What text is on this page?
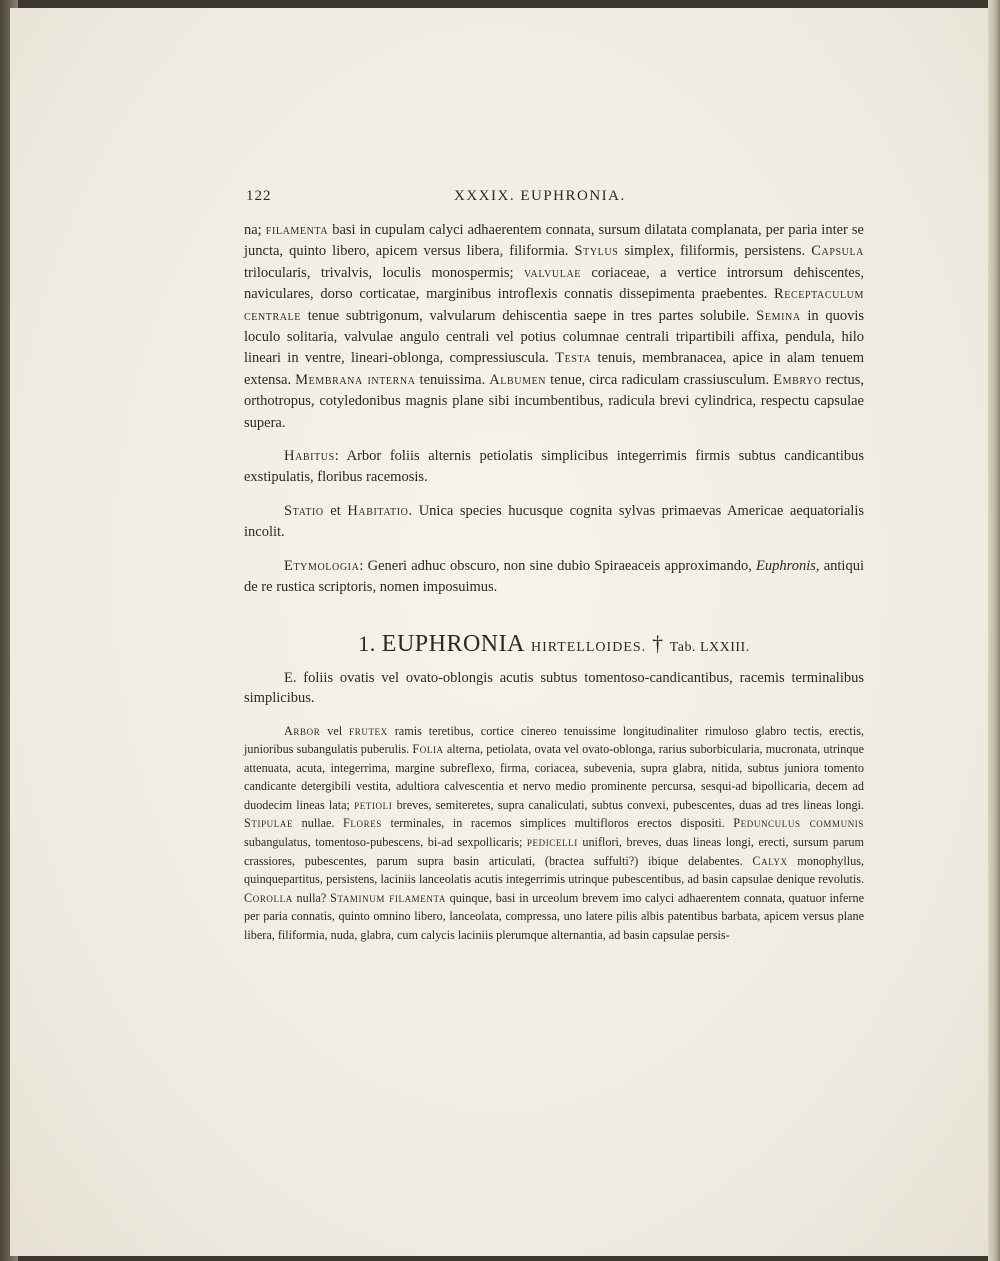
122	XXXIX. EUPHRONIA.

na; filamenta basi in cupulam calyci adhaerentem connata, sursum dilatata complanata, per paria inter se juncta, quinto libero, apicem versus libera, filiformia. Stylus simplex, filiformis, persistens. Capsula trilocularis, trivalvis, loculis monospermis; valvulae coriaceae, a vertice introrsum dehiscentes, naviculares, dorso corticatae, marginibus introflexis connatis dissepimenta praebentes. Receptaculum centrale tenue subtrigonum, valvularum dehiscentia saepe in tres partes solubile. Semina in quovis loculo solitaria, valvulae angulo centrali vel potius columnae centrali tripartibili affixa, pendula, hilo lineari in ventre, lineari-oblonga, compressiuscula. Testa tenuis, membranacea, apice in alam tenuem extensa. Membrana interna tenuissima. Albumen tenue, circa radiculam crassiusculum. Embryo rectus, orthotropus, cotyledonibus magnis plane sibi incumbentibus, radicula brevi cylindrica, respectu capsulae supera.

Habitus: Arbor foliis alternis petiolatis simplicibus integerrimis firmis subtus candicantibus exstipulatis, floribus racemosis.

Statio et Habitatio. Unica species hucusque cognita sylvas primaevas Americae aequatorialis incolit.

Etymologia: Generi adhuc obscuro, non sine dubio Spiraeaceis approximando, Euphronis, antiqui de re rustica scriptoris, nomen imposuimus.

1. EUPHRONIA HIRTELLOIDES. † Tab. LXXIII.

E. foliis ovatis vel ovato-oblongis acutis subtus tomentoso-candicantibus, racemis terminalibus simplicibus.

Arbor vel frutex ramis teretibus, cortice cinereo tenuissime longitudinaliter rimuloso glabro tectis, erectis, junioribus subangulatis puberulis. Folia alterna, petiolata, ovata vel ovato-oblonga, rarius suborbicularia, mucronata, utrinque attenuata, acuta, integerrima, margine subreflexo, firma, coriacea, subevenia, supra glabra, nitida, subtus juniora tomento candicante detergibili vestita, adultiora calvescentia et nervo medio prominente percursa, sesqui-ad bipollicaria, decem ad duodecim lineas lata; petioli breves, semiteretes, supra canaliculati, subtus convexi, pubescentes, duas ad tres lineas longi. Stipulae nullae. Flores terminales, in racemos simplices multifloros erectos dispositi. Pedunculus communis subangulatus, tomentoso-pubescens, bi-ad sexpollicaris; pedicelli uniflori, breves, duas lineas longi, erecti, sursum parum crassiores, pubescentes, parum supra basin articulati, (bractea suffulti?) ibique delabentes. Calyx monophyllus, quinquepartitus, persistens, laciniis lanceolatis acutis integerrimis utrinque pubescentibus, ad basin capsulae denique revolutis. Corolla nulla? Staminum filamenta quinque, basi in urceolum brevem imo calyci adhaerentem connata, quatuor inferne per paria connatis, quinto omnino libero, lanceolata, compressa, uno latere pilis albis patentibus barbata, apicem versus plane libera, filiformia, nuda, glabra, cum calycis laciniis plerumque alternantia, ad basin capsulae persis-
